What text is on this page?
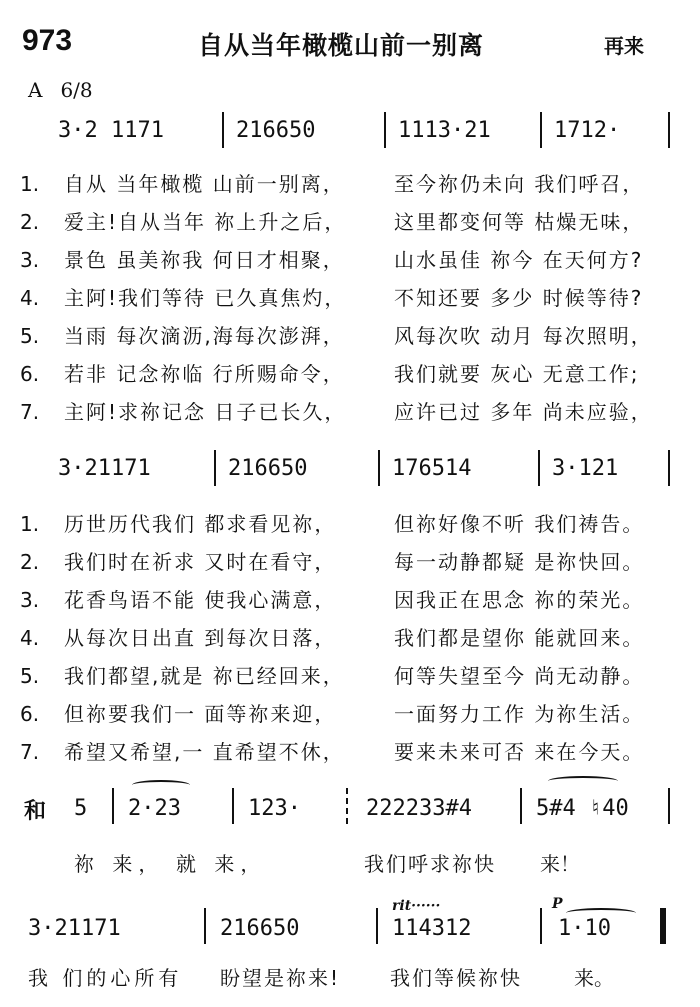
973	自从当年橄榄山前一别离	再来
A 6/8
3·2 1171	216650	1113·21	1712·
1. 自从 当年橄榄 山前一别离， 至今祢仍未向 我们呼召，
2. 爱主!自从当年 祢上升之后， 这里都变何等 枯燥无味，
3. 景色 虽美祢我 何日才相聚， 山水虽佳 祢今 在天何方?
4. 主阿!我们等待 已久真焦灼， 不知还要 多少 时候等待?
5. 当雨 每次滴沥,海每次澎湃， 风每次吹 动月 每次照明，
6. 若非 记念祢临 行所赐命令， 我们就要 灰心 无意工作;
7. 主阿!求祢记念 日子已长久， 应许已过 多年 尚未应验，
3·21171	216650	176514	3·121
1. 历世历代我们 都求看见祢，	但祢好像不听 我们祷告。
2. 我们时在祈求 又时在看守，	每一动静都疑 是祢快回。
3. 花香鸟语不能 使我心满意，	因我正在思念 祢的荣光。
4. 从每次日出直 到每次日落，	我们都是望你 能就回来。
5. 我们都望,就是 祢已经回来， 何等失望至今 尚无动静。
6. 但祢要我们一 面等祢来迎，	一面努力工作 为祢生活。
7. 希望又希望,一 直希望不休， 要来未来可否 来在今天。
和 5 2·23	123·	222233#4	5#4 ♮40
祢 来， 就 来，	我们呼求祢快 来！
rit······	P
3·21171	216650	114312	1·10
我 们的心所有 盼望是祢来! 我们等候祢快	来。
